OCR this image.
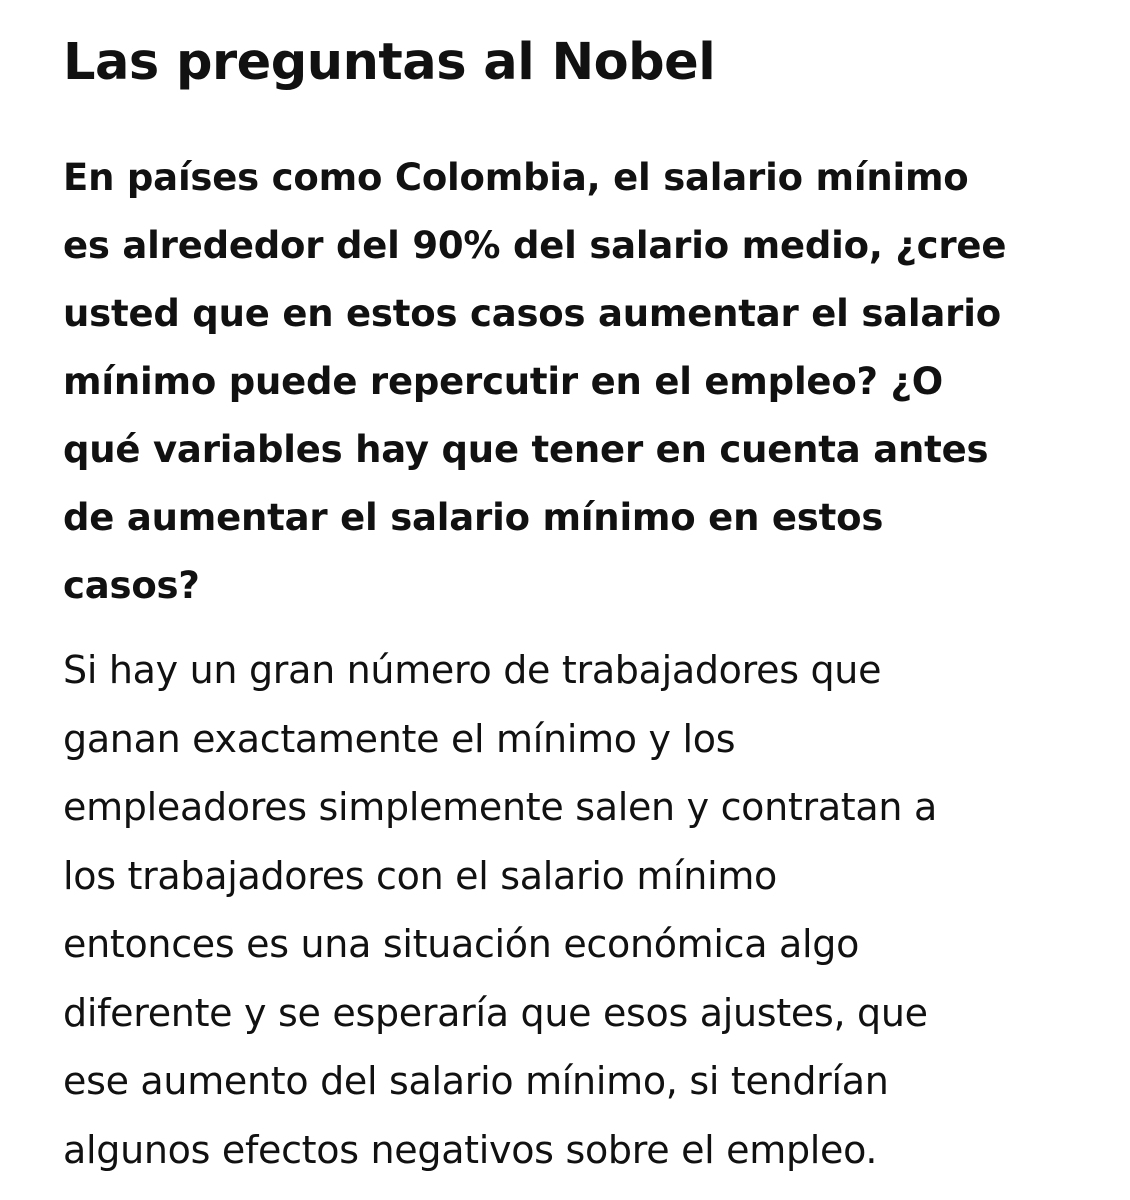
Las preguntas al Nobel

En países como Colombia, el salario mínimo
es alrededor del 90% del salario medio, ¿cree
usted que en estos casos aumentar el salario
mínimo puede repercutir en el empleo? ¿O
qué variables hay que tener en cuenta antes
de aumentar el salario mínimo en estos
casos?

Si hay un gran número de trabajadores que
ganan exactamente el mínimo y los
empleadores simplemente salen y contratan a
los trabajadores con el salario mínimo
entonces es una situación económica algo
diferente y se esperaría que esos ajustes, que
ese aumento del salario mínimo, si tendrían
algunos efectos negativos sobre el empleo.
